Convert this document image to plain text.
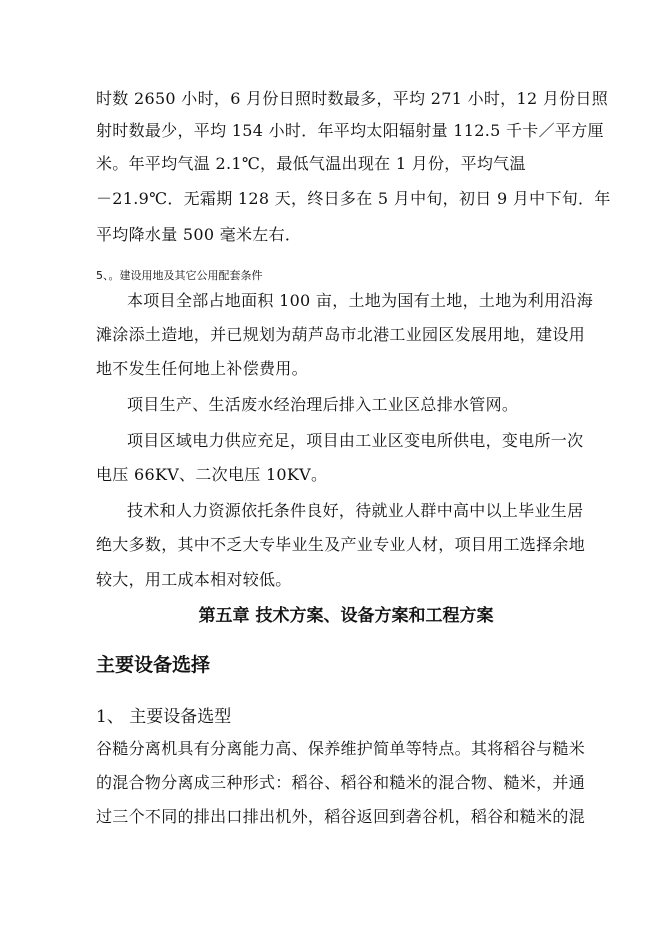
时数 2650 小时，6 月份日照时数最多，平均 271 小时，12 月份日照
射时数最少，平均 154 小时．年平均太阳辐射量 112.5 千卡／平方厘
米。年平均气温 2.1℃，最低气温出现在 1 月份，平均气温
－21.9℃．无霜期 128 天，终日多在 5 月中旬，初日 9 月中下旬．年
平均降水量 500 毫米左右．
5、。建设用地及其它公用配套条件
本项目全部占地面积 100 亩，土地为国有土地，土地为利用沿海
滩涂添土造地，并已规划为葫芦岛市北港工业园区发展用地，建设用
地不发生任何地上补偿费用。
项目生产、生活废水经治理后排入工业区总排水管网。
项目区域电力供应充足，项目由工业区变电所供电，变电所一次
电压 66KV、二次电压 10KV。
技术和人力资源依托条件良好，待就业人群中高中以上毕业生居
绝大多数，其中不乏大专毕业生及产业专业人材，项目用工选择余地
较大，用工成本相对较低。
第五章 技术方案、设备方案和工程方案
主要设备选择
1、 主要设备选型
谷糙分离机具有分离能力高、保养维护简单等特点。其将稻谷与糙米
的混合物分离成三种形式：稻谷、稻谷和糙米的混合物、糙米，并通
过三个不同的排出口排出机外，稻谷返回到砻谷机，稻谷和糙米的混
